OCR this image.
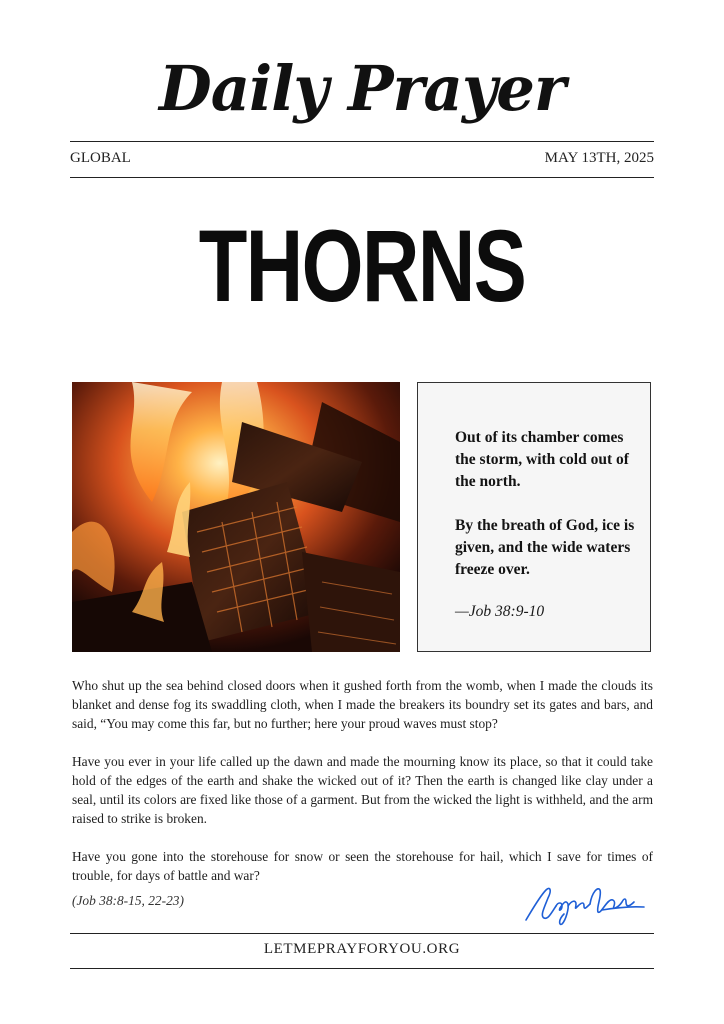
Daily Prayer
GLOBAL	MAY 13TH, 2025
THORNS

Out of its chamber comes the storm, with cold out of the north.

By the breath of God, ice is given, and the wide waters freeze over.

—Job 38:9-10

Who shut up the sea behind closed doors when it gushed forth from the womb, when I made the clouds its blanket and dense fog its swaddling cloth, when I made the breakers its boundry set its gates and bars, and said, “You may come this far, but no further; here your proud waves must stop?

Have you ever in your life called up the dawn and made the mourning know its place, so that it could take hold of the edges of the earth and shake the wicked out of it? Then the earth is changed like clay under a seal, until its colors are fixed like those of a garment. But from the wicked the light is withheld, and the arm raised to strike is broken.

Have you gone into the storehouse for snow or seen the storehouse for hail, which I save for times of trouble, for days of battle and war?

(Job 38:8-15, 22-23)
LETMEPRAYFORYOU.ORG
